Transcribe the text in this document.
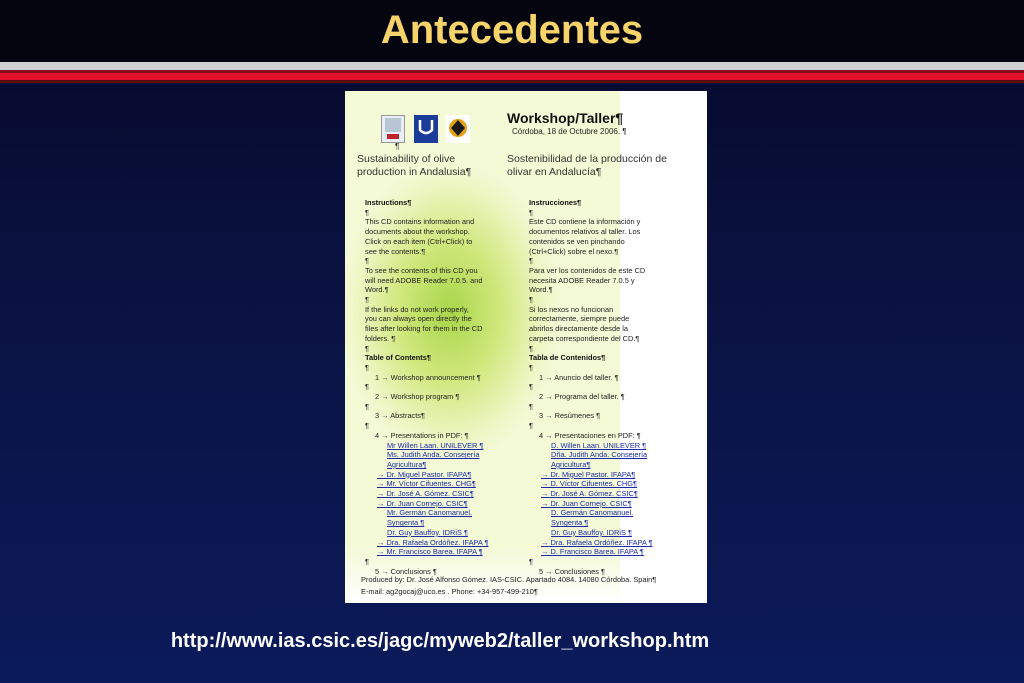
Antecedentes
Workshop/Taller¶
Córdoba, 18 de Octubre 2006. ¶
¶
Sustainability of olive
production in Andalusia¶
Sostenibilidad de la producción de
olivar en Andalucía¶
Instructions¶
¶
This CD contains information and
documents about the workshop.
Click on each item (Ctrl+Click) to
see the contents.¶
¶
To see the contents of this CD you
will need ADOBE Reader 7.0.5. and
Word.¶
¶
If the links do not work properly,
you can always open directly the
files after looking for them in the CD
folders. ¶
¶
Table of Contents¶
¶
1 → Workshop announcement ¶
¶
2 → Workshop program ¶
¶
3 → Abstracts¶
¶
4 → Presentations in PDF: ¶
Mr Willen Laan. UNILEVER ¶
Ms. Judith Anda. Consejería
Agricultura¶
→ Dr. Miguel Pastor. IFAPA¶
→ Mr. Víctor Cifuentes. CHG¶
→ Dr. José A. Gómez. CSIC¶
→ Dr. Juan Cornejo. CSIC¶
Mr. Germán Canomanuel.
Syngenta ¶
Dr. Guy Bauffoy. IDRiS ¶
→ Dra. Rafaela Ordóñez. IFAPA ¶
→ Mr. Francisco Barea. IFAPA ¶
¶
5 → Conclusions ¶
Instrucciones¶
¶
Este CD contiene la información y
documentos relativos al taller. Los
contenidos se ven pinchando
(Ctrl+Click) sobre el nexo.¶
¶
Para ver los contenidos de este CD
necesita ADOBE Reader 7.0.5 y
Word.¶
¶
Si los nexos no funcionan
correctamente, siempre puede
abrirlos directamente desde la
carpeta correspondiente del CD.¶
¶
Tabla de Contenidos¶
¶
1 → Anuncio del taller. ¶
¶
2 → Programa del taller. ¶
¶
3 → Resúmenes ¶
¶
4 → Presentaciones en PDF: ¶
D. Willen Laan. UNILEVER ¶
Dña. Judith Anda. Consejería
Agricultura¶
→ Dr. Miguel Pastor. IFAPA¶
→ D. Víctor Cifuentes. CHG¶
→ Dr. José A. Gómez. CSIC¶
→ Dr. Juan Cornejo. CSIC¶
D. Germán Canomanuel.
Syngenta ¶
Dr. Guy Bauffoy. IDRiS ¶
→ Dra. Rafaela Ordóñez. IFAPA ¶
→ D. Francisco Barea. IFAPA ¶
¶
5 → Conclusiones ¶
Produced by: Dr. José Alfonso Gómez. IAS-CSIC. Apartado 4084. 14080 Córdoba. Spain¶
E-mail: ag2gocaj@uco.es . Phone: +34-957-499-210¶
http://www.ias.csic.es/jagc/myweb2/taller_workshop.htm
